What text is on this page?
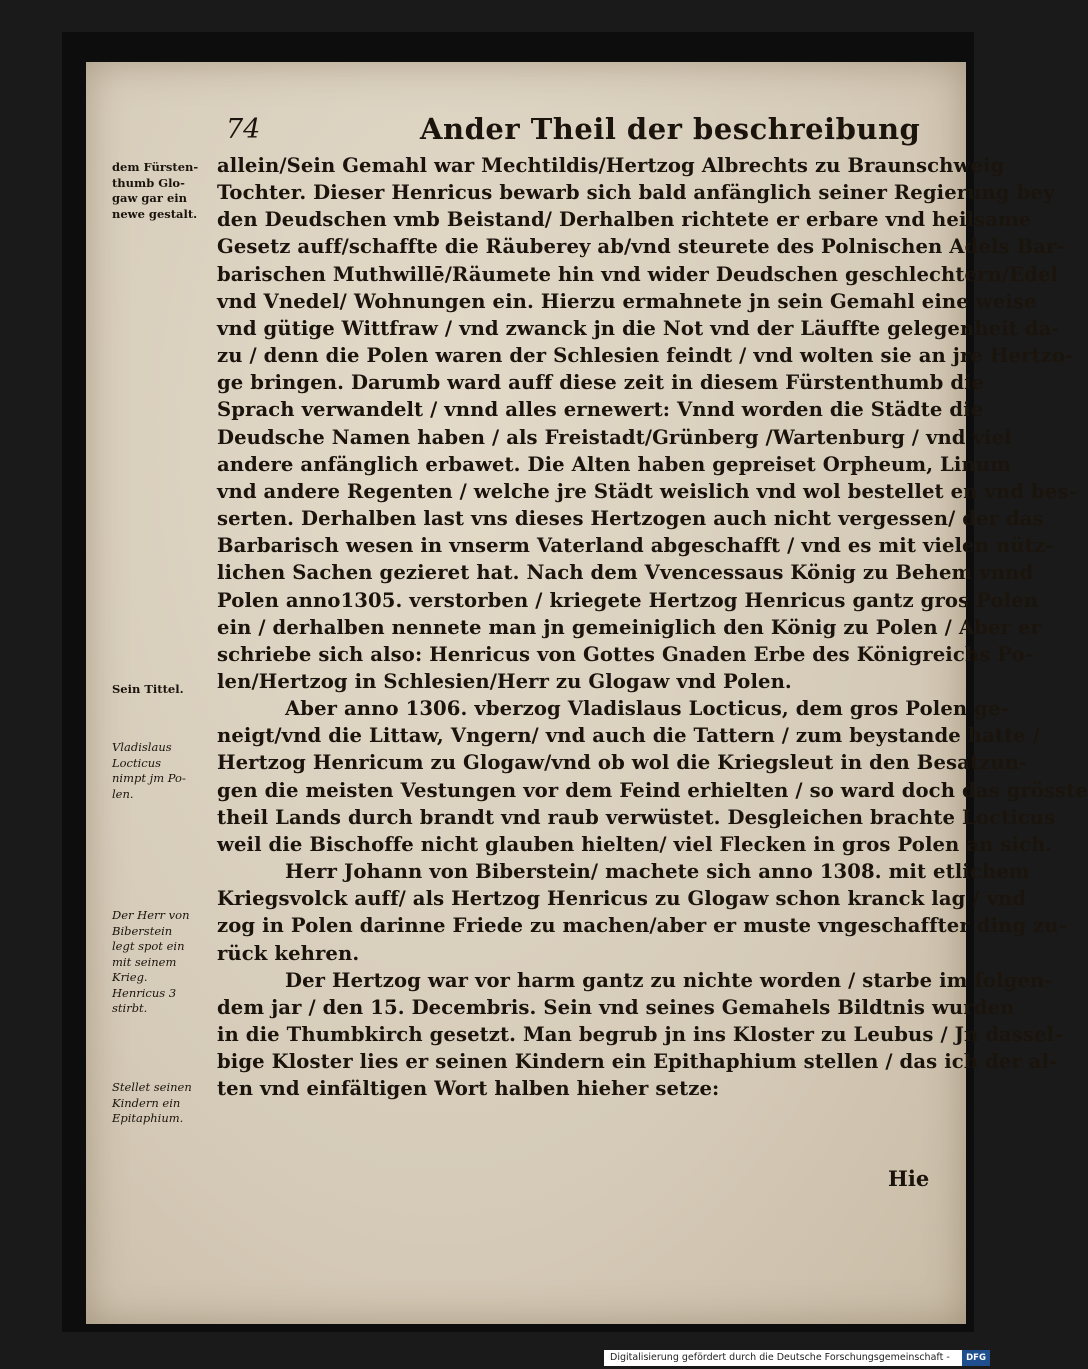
74	Ander Theil der beschreibung
allein/Sein Gemahl war Mechtildis/Hertzog Albrechts zu Braunschweig
Tochter. Dieser Henricus bewarb sich bald anfänglich seiner Regierung bey
den Deudschen vmb Beistand/ Derhalben richtete er erbare vnd heilsame
Gesetz auff/schaffte die Räuberey ab/vnd steurete des Polnischen Adels Bar-
barischen Muthwillē/Räumete hin vnd wider Deudschen geschlechtern/Edel
vnd Vnedel/ Wohnungen ein. Hierzu ermahnete jn sein Gemahl eine weise
vnd gütige Wittfraw / vnd zwanck jn die Not vnd der Läuffte gelegenheit da-
zu / denn die Polen waren der Schlesien feindt / vnd wolten sie an jre Hertzo-
ge bringen. Darumb ward auff diese zeit in diesem Fürstenthumb die
Sprach verwandelt / vnnd alles ernewert: Vnnd worden die Städte die
Deudsche Namen haben / als Freistadt/Grünberg /Wartenburg / vnd viel
andere anfänglich erbawet. Die Alten haben gepreiset Orpheum, Linum
vnd andere Regenten / welche jre Städt weislich vnd wol bestellet en vnd bes-
serten. Derhalben last vns dieses Hertzogen auch nicht vergessen/ der das
Barbarisch wesen in vnserm Vaterland abgeschafft / vnd es mit vielen nütz-
lichen Sachen gezieret hat. Nach dem Vvencessaus König zu Behem vnnd
Polen anno1305. verstorben / kriegete Hertzog Henricus gantz gros Polen
ein / derhalben nennete man jn gemeiniglich den König zu Polen / Aber er
schriebe sich also: Henricus von Gottes Gnaden Erbe des Königreichs Po-
len/Hertzog in Schlesien/Herr zu Glogaw vnd Polen.
Aber anno 1306. vberzog Vladislaus Locticus, dem gros Polen ge-
neigt/vnd die Littaw, Vngern/ vnd auch die Tattern / zum beystande hatte /
Hertzog Henricum zu Glogaw/vnd ob wol die Kriegsleut in den Besatzun-
gen die meisten Vestungen vor dem Feind erhielten / so ward doch das grösste
theil Lands durch brandt vnd raub verwüstet. Desgleichen brachte Locticus
weil die Bischoffe nicht glauben hielten/ viel Flecken in gros Polen an sich.
Herr Johann von Biberstein/ machete sich anno 1308. mit etlichem
Kriegsvolck auff/ als Hertzog Henricus zu Glogaw schon kranck lag / vnd
zog in Polen darinne Friede zu machen/aber er muste vngeschaffter ding zu-
rück kehren.
Der Hertzog war vor harm gantz zu nichte worden / starbe im folgen-
dem jar / den 15. Decembris. Sein vnd seines Gemahels Bildtnis wurden
in die Thumbkirch gesetzt. Man begrub jn ins Kloster zu Leubus / Jn dassel-
bige Kloster lies er seinen Kindern ein Epithaphium stellen / das ich der al-
ten vnd einfältigen Wort halben hieher setze:
dem Fürsten-
thumb Glo-
gaw gar ein
newe gestalt.
Sein Tittel.
Vladislaus
Locticus
nimpt jm Po-
len.
Der Herr von
Biberstein
legt spot ein
mit seinem
Krieg.
Henricus 3
stirbt.
Stellet seinen
Kindern ein
Epitaphium.
Hie
Digitalisierung gefördert durch die Deutsche Forschungsgemeinschaft -	DFG
